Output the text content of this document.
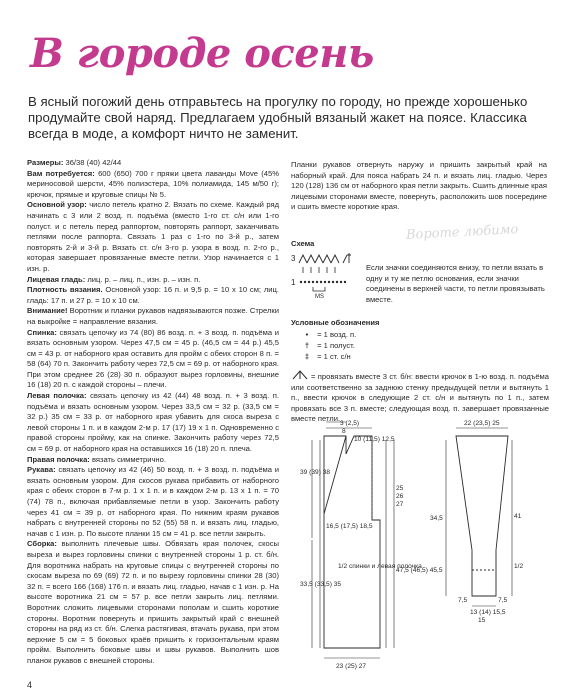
В городе осень
В ясный погожий день отправьтесь на прогулку по городу, но прежде хорошенько продумайте свой наряд. Предлагаем удобный вязаный жакет на поясе. Классика всегда в моде, а комфорт ничто не заменит.

Размеры: 36/38 (40) 42/44

Вам потребуется: 600 (650) 700 г пряжи цвета лаванды Move (45% мериносовой шерсти, 45% полиэстера, 10% полиамида, 145 м/50 г); крючок, прямые и круговые спицы № 5.

Основной узор: число петель кратно 2. Вязать по схеме. Каждый ряд начинать с 3 или 2 возд. п. подъёма (вместо 1-го ст. с/н или 1-го полуст. и с петель перед раппортом, повторять раппорт, заканчивать петлями после раппорта. Связать 1 раз с 1-го по 3-й р., затем повторять 2-й и 3-й р. Вязать ст. с/н 3-го р. узора в возд. п. 2-го р., которая завершает провязанные вместе петли. Узор начинается с 1 изн. р.

Лицевая гладь: лиц. р. – лиц. п., изн. р. – изн. п.

Плотность вязания. Основной узор: 16 п. и 9,5 р. = 10 х 10 см; лиц. гладь: 17 п. и 27 р. = 10 х 10 см.

Внимание! Воротник и планки рукавов надвязываются позже. Стрелки на выкройке = направление вязания.

Спинка: связать цепочку из 74 (80) 86 возд. п. + 3 возд. п. подъёма и вязать основным узором. Через 47,5 см = 45 р. (46,5 см = 44 р.) 45,5 см = 43 р. от наборного края оставить для пройм с обеих сторон 8 п. = 58 (64) 70 п. Закончить работу через 72,5 см = 69 р. от наборного края. При этом среднее 26 (28) 30 п. образуют вырез горловины, внешние 16 (18) 20 п. с каждой стороны – плечи.

Левая полочка: связать цепочку из 42 (44) 48 возд. п. + 3 возд. п. подъёма и вязать основным узором. Через 33,5 см = 32 р. (33,5 см = 32 р.) 35 см = 33 р. от наборного края убавить для скоса выреза с левой стороны 1 п. и в каждом 2-м р. 17 (17) 19 х 1 п. Одновременно с правой стороны пройму, как на спинке. Закончить работу через 72,5 см = 69 р. от наборного края на оставшихся 16 (18) 20 п. плеча.

Правая полочка: вязать симметрично.

Рукава: связать цепочку из 42 (46) 50 возд. п. + 3 возд. п. подъёма и вязать основным узором. Для скосов рукава прибавить от наборного края с обеих сторон в 7-м р. 1 х 1 п. и в каждом 2-м р. 13 х 1 п. = 70 (74) 78 п., включая прибавляемые петли в узор. Закончить работу через 41 см = 39 р. от наборного края. По нижним краям рукавов набрать с внутренней стороны по 52 (55) 58 п. и вязать лиц. гладью, начав с 1 изн. р. По высоте планки 15 см = 41 р. все петли закрыть.

Сборка: выполнить плечевые швы. Обвязать края полочек, скосы выреза и вырез горловины спинки с внутренней стороны 1 р. ст. б/н. Для воротника набрать на круговые спицы с внутренней стороны по скосам выреза по 69 (69) 72 п. и по вырезу горловины спинки 28 (30) 32 п. = всего 166 (168) 176 п. и вязать лиц. гладью, начав с 1 изн. р. На высоте воротника 21 см = 57 р. все петли закрыть лиц. петлями. Воротник сложить лицевыми сторонами пополам и сшить короткие стороны. Воротник повернуть и пришить закрытый край с внешней стороны на ряд из ст. б/н. Слегка растягивая, втачать рукава, при этом верхние 5 см = 5 боковых краёв пришить к горизонтальным краям пройм. Выполнить боковые швы и швы рукавов. Выполнить шов планок рукавов с внешней стороны.

Планки рукавов отвернуть наружу и пришить закрытый край на наборный край. Для пояса набрать 24 п. и вязать лиц. гладью. Через 120 (128) 136 см от наборного края петли закрыть. Сшить длинные края лицевыми сторонами вместе, повернуть, расположить шов посередине и сшить вместе короткие края.
Вороте любимо
Схема
3
1
MS
Если значки соединяются внизу, то петли вязать в одну и ту же петлю основания, если значки соединены в верхней части, то петли провязывать вместе.
Условные обозначения
• = 1 возд. п.
† = 1 полуст.
‡ = 1 ст. с/н
= провязать вместе 3 ст. б/н: ввести крючок в 1-ю возд. п. подъёма или соответственно за заднюю стенку предыдущей петли и вытянуть 1 п., ввести крючок в следующие 2 ст. с/н и вытянуть по 1 п., затем провязать все 3 п. вместе; следующая возд. п. завершает провязанные вместе петли.
3 (2,5)
8
10 (11,5) 12,5
16,5 (17,5) 18,5
25
26
27
39 (39) 38
33,5 (33,5) 35
47,5 (46,5) 45,5
1/2 спинки и левая полочка
23 (25) 27
22 (23,5) 25
34,5	41
1/2
7,5	7,5
13 (14) 15,5
15
4
